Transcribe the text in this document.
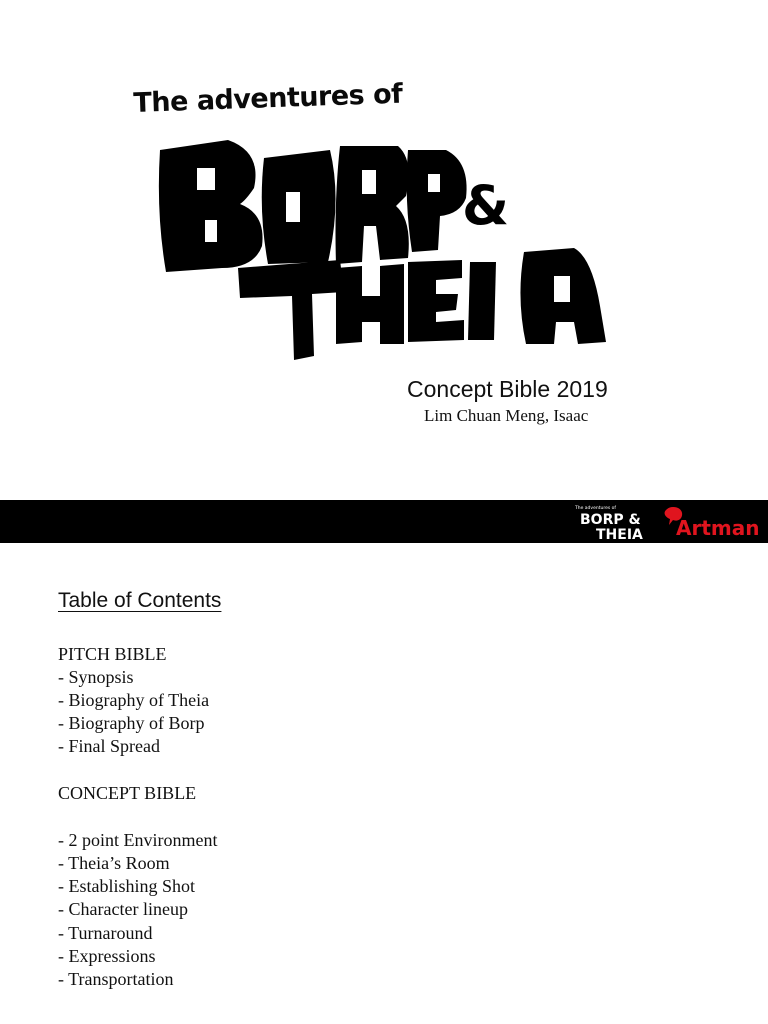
The adventures of
&
Concept Bible 2019
Lim Chuan Meng, Isaac
The adventures of
BORP &
THEIA Artman
Table of Contents
PITCH BIBLE
- Synopsis
- Biography of Theia
- Biography of Borp
- Final Spread
CONCEPT BIBLE
- 2 point Environment
- Theia’s Room
- Establishing Shot
- Character lineup
- Turnaround
- Expressions
- Transportation
